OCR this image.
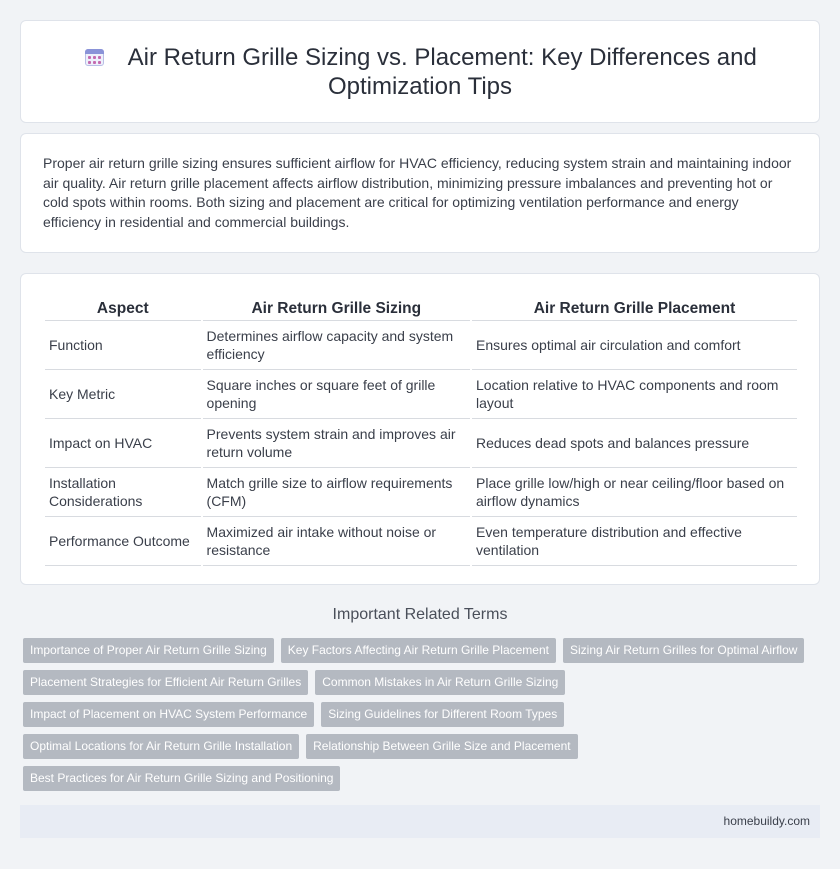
Air Return Grille Sizing vs. Placement: Key Differences and Optimization Tips

Proper air return grille sizing ensures sufficient airflow for HVAC efficiency, reducing system strain and maintaining indoor air quality. Air return grille placement affects airflow distribution, minimizing pressure imbalances and preventing hot or cold spots within rooms. Both sizing and placement are critical for optimizing ventilation performance and energy efficiency in residential and commercial buildings.

Aspect	Air Return Grille Sizing	Air Return Grille Placement
Function	Determines airflow capacity and system efficiency	Ensures optimal air circulation and comfort
Key Metric	Square inches or square feet of grille opening	Location relative to HVAC components and room layout
Impact on HVAC	Prevents system strain and improves air return volume	Reduces dead spots and balances pressure
Installation Considerations	Match grille size to airflow requirements (CFM)	Place grille low/high or near ceiling/floor based on airflow dynamics
Performance Outcome	Maximized air intake without noise or resistance	Even temperature distribution and effective ventilation
Important Related Terms
Importance of Proper Air Return Grille Sizing	Key Factors Affecting Air Return Grille Placement	Sizing Air Return Grilles for Optimal Airflow
Placement Strategies for Efficient Air Return Grilles	Common Mistakes in Air Return Grille Sizing
Impact of Placement on HVAC System Performance	Sizing Guidelines for Different Room Types
Optimal Locations for Air Return Grille Installation	Relationship Between Grille Size and Placement
Best Practices for Air Return Grille Sizing and Positioning
homebuildy.com
